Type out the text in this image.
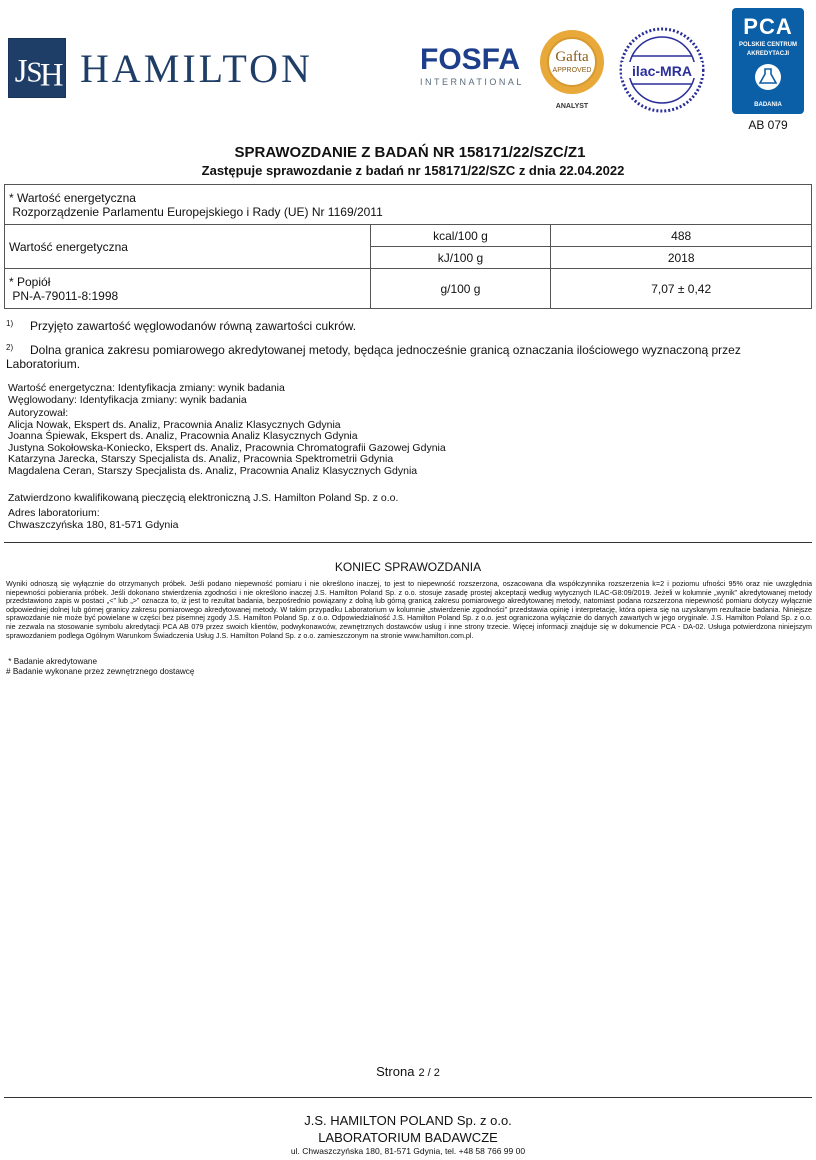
J
S
H HAMILTON	FOSFA
INTERNATIONAL
Gafta
APPROVED
ANALYST
ilac-MRA
PCA
POLSKIE CENTRUM
AKREDYTACJI
BADANIA
AB 079
SPRAWOZDANIE Z BADAŃ NR 158171/22/SZC/Z1
Zastępuje sprawozdanie z badań nr 158171/22/SZC z dnia 22.04.2022
* Wartość energetyczna
Rozporządzenie Parlamentu Europejskiego i Rady (UE) Nr 1169/2011		

Wartość energetyczna	kcal/100 g	488
	kJ/100 g	2018

* Popiół
PN-A-79011-8:1998	g/100 g	7,07 ± 0,42
$^{1)}$ Przyjęto zawartość węglowodanów równą zawartości cukrów.
$^{2)}$ Dolna granica zakresu pomiarowego akredytowanej metody, będąca jednocześnie granicą oznaczania ilościowego wyznaczoną przez Laboratorium.
Wartość energetyczna: Identyfikacja zmiany: wynik badania
Węglowodany: Identyfikacja zmiany: wynik badania
Autoryzował:
Alicja Nowak, Ekspert ds. Analiz, Pracownia Analiz Klasycznych Gdynia
Joanna Śpiewak, Ekspert ds. Analiz, Pracownia Analiz Klasycznych Gdynia
Justyna Sokołowska-Koniecko, Ekspert ds. Analiz, Pracownia Chromatografii Gazowej Gdynia
Katarzyna Jarecka, Starszy Specjalista ds. Analiz, Pracownia Spektrometrii Gdynia
Magdalena Ceran, Starszy Specjalista ds. Analiz, Pracownia Analiz Klasycznych Gdynia
Zatwierdzono kwalifikowaną pieczęcią elektroniczną J.S. Hamilton Poland Sp. z o.o.
Adres laboratorium:
Chwaszczyńska 180, 81-571 Gdynia
KONIEC SPRAWOZDANIA
Wyniki odnoszą się wyłącznie do otrzymanych próbek. Jeśli podano niepewność pomiaru i nie określono inaczej, to jest to niepewność rozszerzona, oszacowana dla współczynnika rozszerzenia k=2 i poziomu ufności 95% oraz nie uwzględnia niepewności pobierania próbek. Jeśli dokonano stwierdzenia zgodności i nie określono inaczej J.S. Hamilton Poland Sp. z o.o. stosuje zasadę prostej akceptacji według wytycznych ILAC-G8:09/2019. Jeżeli w kolumnie „wynik” akredytowanej metody przedstawiono zapis w postaci „<” lub „>” oznacza to, iż jest to rezultat badania, bezpośrednio powiązany z dolną lub górną granicą zakresu pomiarowego akredytowanej metody, natomiast podana rozszerzona niepewność pomiaru dotyczy wyłącznie odpowiedniej dolnej lub górnej granicy zakresu pomiarowego akredytowanej metody. W takim przypadku Laboratorium w kolumnie „stwierdzenie zgodności” przedstawia opinię i interpretację, która opiera się na uzyskanym rezultacie badania. Niniejsze sprawozdanie nie może być powielane w części bez pisemnej zgody J.S. Hamilton Poland Sp. z o.o. Odpowiedzialność J.S. Hamilton Poland Sp. z o.o. jest ograniczona wyłącznie do danych zawartych w jego oryginale. J.S. Hamilton Poland Sp. z o.o. nie zezwala na stosowanie symbolu akredytacji PCA AB 079 przez swoich klientów, podwykonawców, zewnętrznych dostawców usług i inne strony trzecie. Więcej informacji znajduje się w dokumencie PCA - DA-02. Usługa potwierdzona niniejszym sprawozdaniem podlega Ogólnym Warunkom Świadczenia Usług J.S. Hamilton Poland Sp. z o.o. zamieszczonym na stronie www.hamilton.com.pl.
* Badanie akredytowane
# Badanie wykonane przez zewnętrznego dostawcę
Strona 2 / 2
J.S. HAMILTON POLAND Sp. z o.o.
LABORATORIUM BADAWCZE
ul. Chwaszczyńska 180, 81-571 Gdynia, tel. +48 58 766 99 00
